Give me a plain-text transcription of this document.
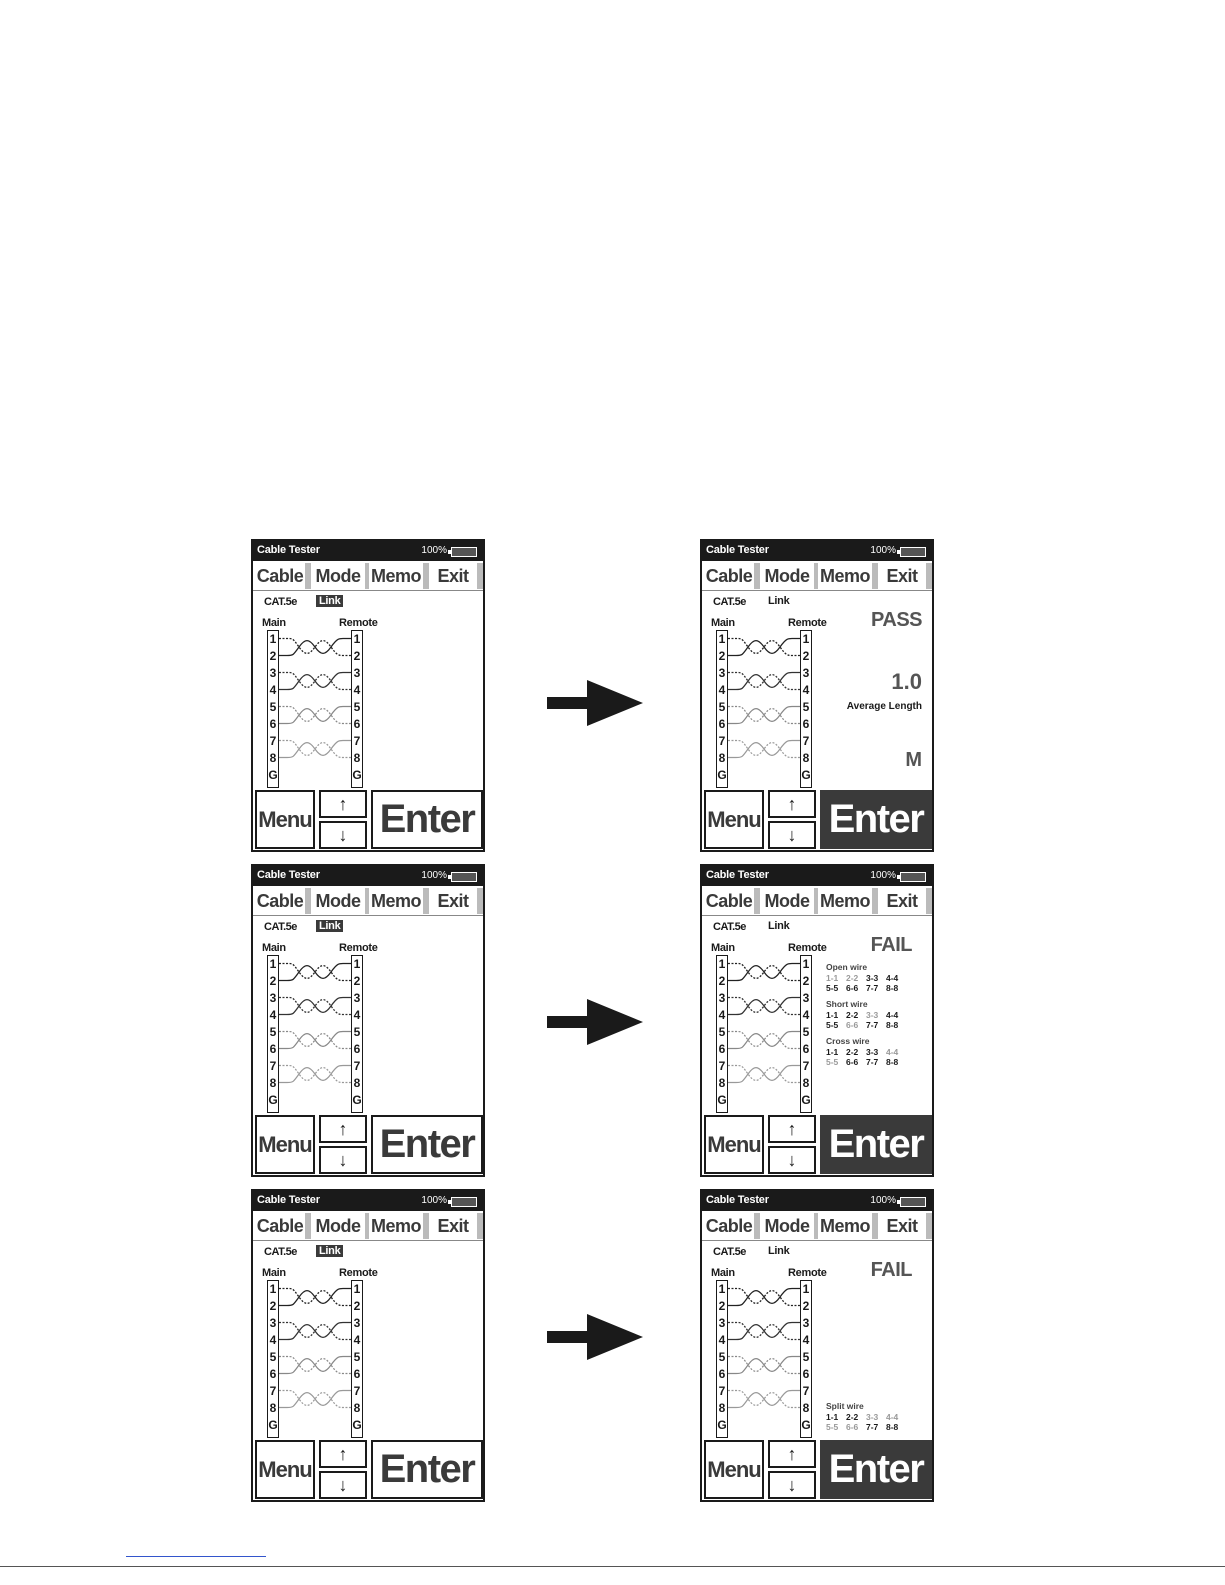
Cable Tester	100%
Cable Mode Memo Exit
CAT.5e Link
Main	Remote
1
2
3
4
5
6
7
8
G
1
2
3
4
5
6
7
8
G
Menu
↑
↓ Enter
Cable Tester	100%
Cable Mode Memo Exit
CAT.5e Link
Main	Remote
1
2
3
4
5
6
7
8
G
1
2
3
4
5
6
7
8
G
Menu
↑
↓ Enter
Cable Tester	100%
Cable Mode Memo Exit
CAT.5e Link
Main	Remote
1
2
3
4
5
6
7
8
G
1
2
3
4
5
6
7
8
G
Menu
↑
↓ Enter
Cable Tester	100%
Cable Mode Memo Exit
CAT.5e Link
Main	Remote
1
2
3
4
5
6
7
8
G
1
2
3
4
5
6
7
8
G
Menu
↑
↓ Enter
PASS
1.0
Average Length
M
Cable Tester	100%
Cable Mode Memo Exit
CAT.5e Link
Main	Remote
1
2
3
4
5
6
7
8
G
1
2
3
4
5
6
7
8
G
Menu
↑
↓ Enter
FAIL
Open wire
1-1 2-2 3-3 4-4
5-5 6-6 7-7 8-8
Short wire
1-1 2-2 3-3 4-4
5-5 6-6 7-7 8-8
Cross wire
1-1 2-2 3-3 4-4
5-5 6-6 7-7 8-8
Cable Tester	100%
Cable Mode Memo Exit
CAT.5e Link
Main	Remote
1
2
3
4
5
6
7
8
G
1
2
3
4
5
6
7
8
G
Menu
↑
↓ Enter
FAIL
Split wire
1-1 2-2 3-3 4-4
5-5 6-6 7-7 8-8
